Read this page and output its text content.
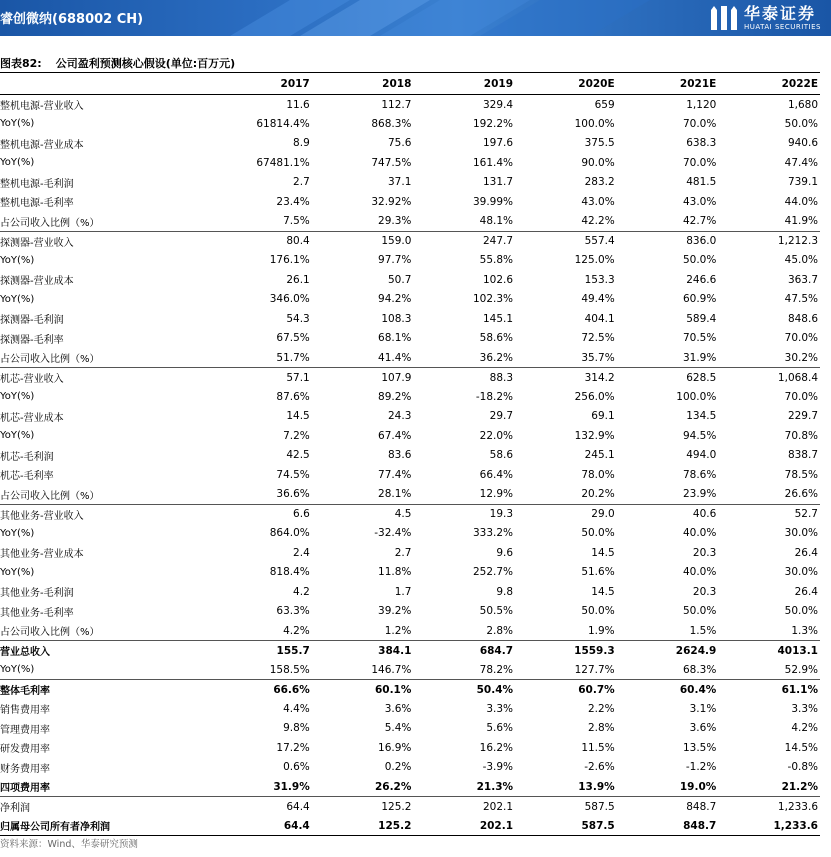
睿创微纳(688002 CH)	华泰证券
HUATAI SECURITIES
图表82: 公司盈利预测核心假设(单位:百万元)
	2017	2018	2019	2020E	2021E	2022E
整机电源-营业收入	11.6	112.7	329.4	659	1,120	1,680
YoY(%)	61814.4%	868.3%	192.2%	100.0%	70.0%	50.0%
整机电源-营业成本	8.9	75.6	197.6	375.5	638.3	940.6
YoY(%)	67481.1%	747.5%	161.4%	90.0%	70.0%	47.4%
整机电源-毛利润	2.7	37.1	131.7	283.2	481.5	739.1
整机电源-毛利率	23.4%	32.92%	39.99%	43.0%	43.0%	44.0%
占公司收入比例（%）	7.5%	29.3%	48.1%	42.2%	42.7%	41.9%
探测器-营业收入	80.4	159.0	247.7	557.4	836.0	1,212.3
YoY(%)	176.1%	97.7%	55.8%	125.0%	50.0%	45.0%
探测器-营业成本	26.1	50.7	102.6	153.3	246.6	363.7
YoY(%)	346.0%	94.2%	102.3%	49.4%	60.9%	47.5%
探测器-毛利润	54.3	108.3	145.1	404.1	589.4	848.6
探测器-毛利率	67.5%	68.1%	58.6%	72.5%	70.5%	70.0%
占公司收入比例（%）	51.7%	41.4%	36.2%	35.7%	31.9%	30.2%
机芯-营业收入	57.1	107.9	88.3	314.2	628.5	1,068.4
YoY(%)	87.6%	89.2%	-18.2%	256.0%	100.0%	70.0%
机芯-营业成本	14.5	24.3	29.7	69.1	134.5	229.7
YoY(%)	7.2%	67.4%	22.0%	132.9%	94.5%	70.8%
机芯-毛利润	42.5	83.6	58.6	245.1	494.0	838.7
机芯-毛利率	74.5%	77.4%	66.4%	78.0%	78.6%	78.5%
占公司收入比例（%）	36.6%	28.1%	12.9%	20.2%	23.9%	26.6%
其他业务-营业收入	6.6	4.5	19.3	29.0	40.6	52.7
YoY(%)	864.0%	-32.4%	333.2%	50.0%	40.0%	30.0%
其他业务-营业成本	2.4	2.7	9.6	14.5	20.3	26.4
YoY(%)	818.4%	11.8%	252.7%	51.6%	40.0%	30.0%
其他业务-毛利润	4.2	1.7	9.8	14.5	20.3	26.4
其他业务-毛利率	63.3%	39.2%	50.5%	50.0%	50.0%	50.0%
占公司收入比例（%）	4.2%	1.2%	2.8%	1.9%	1.5%	1.3%
营业总收入	155.7	384.1	684.7	1559.3	2624.9	4013.1
YoY(%)	158.5%	146.7%	78.2%	127.7%	68.3%	52.9%
整体毛利率	66.6%	60.1%	50.4%	60.7%	60.4%	61.1%
销售费用率	4.4%	3.6%	3.3%	2.2%	3.1%	3.3%
管理费用率	9.8%	5.4%	5.6%	2.8%	3.6%	4.2%
研发费用率	17.2%	16.9%	16.2%	11.5%	13.5%	14.5%
财务费用率	0.6%	0.2%	-3.9%	-2.6%	-1.2%	-0.8%
四项费用率	31.9%	26.2%	21.3%	13.9%	19.0%	21.2%
净利润	64.4	125.2	202.1	587.5	848.7	1,233.6
归属母公司所有者净利润	64.4	125.2	202.1	587.5	848.7	1,233.6
资料来源：Wind、华泰研究预测
